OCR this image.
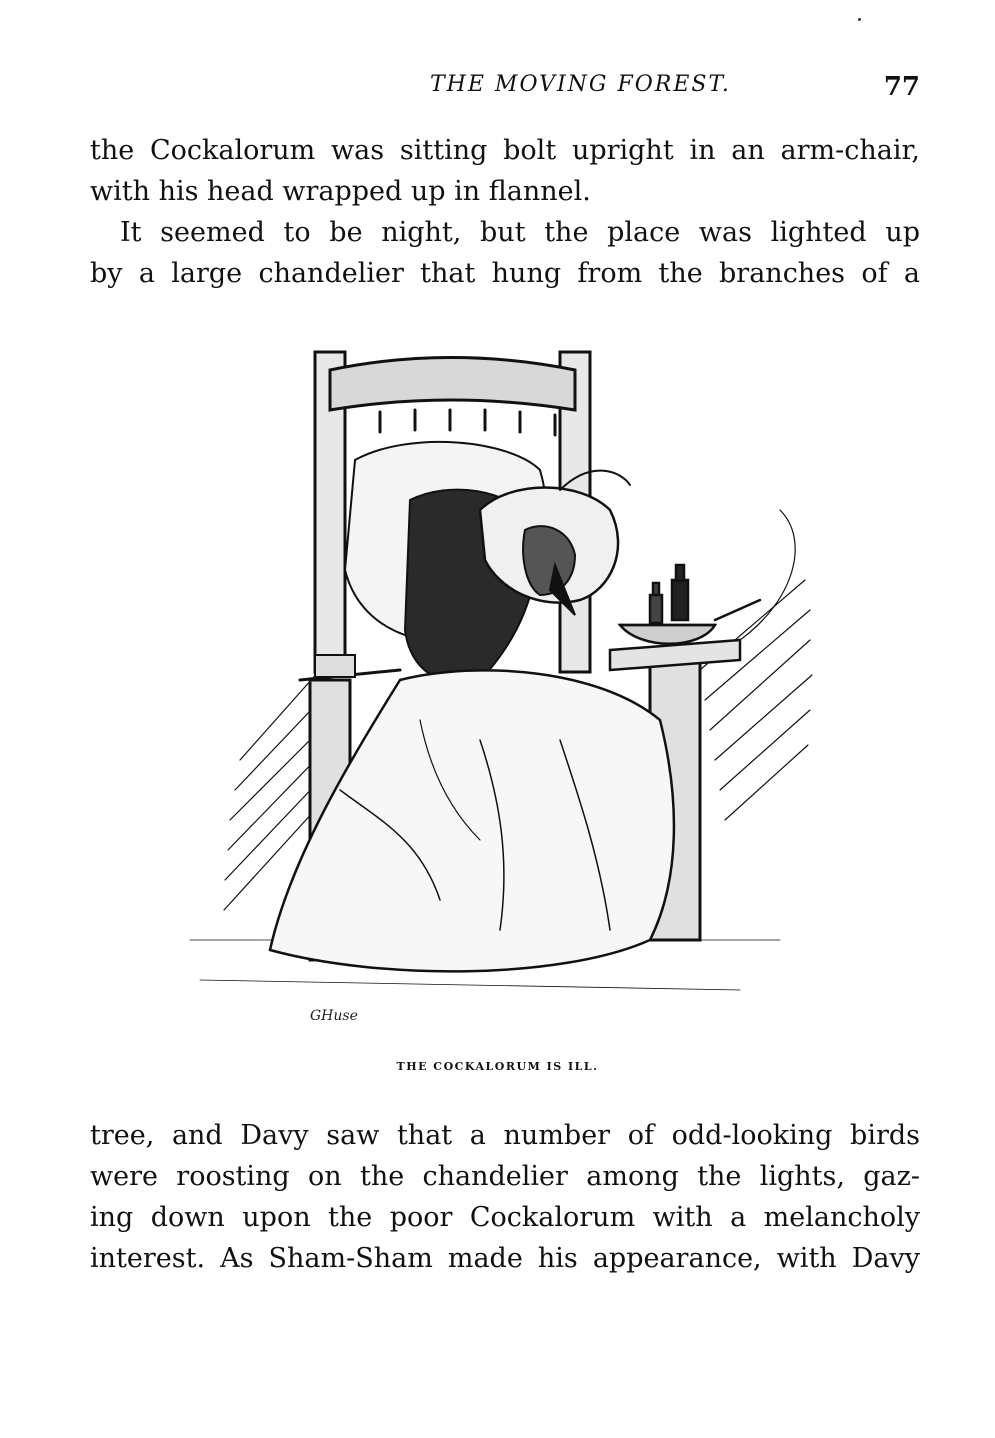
THE MOVING FOREST.	77
the Cockalorum was sitting bolt upright in an arm-chair,
with his head wrapped up in flannel.
It seemed to be night, but the place was lighted up
by a large chandelier that hung from the branches of a
GHuse
THE COCKALORUM IS ILL.
tree, and Davy saw that a number of odd-looking birds
were roosting on the chandelier among the lights, gaz-
ing down upon the poor Cockalorum with a melancholy
interest. As Sham-Sham made his appearance, with Davy
